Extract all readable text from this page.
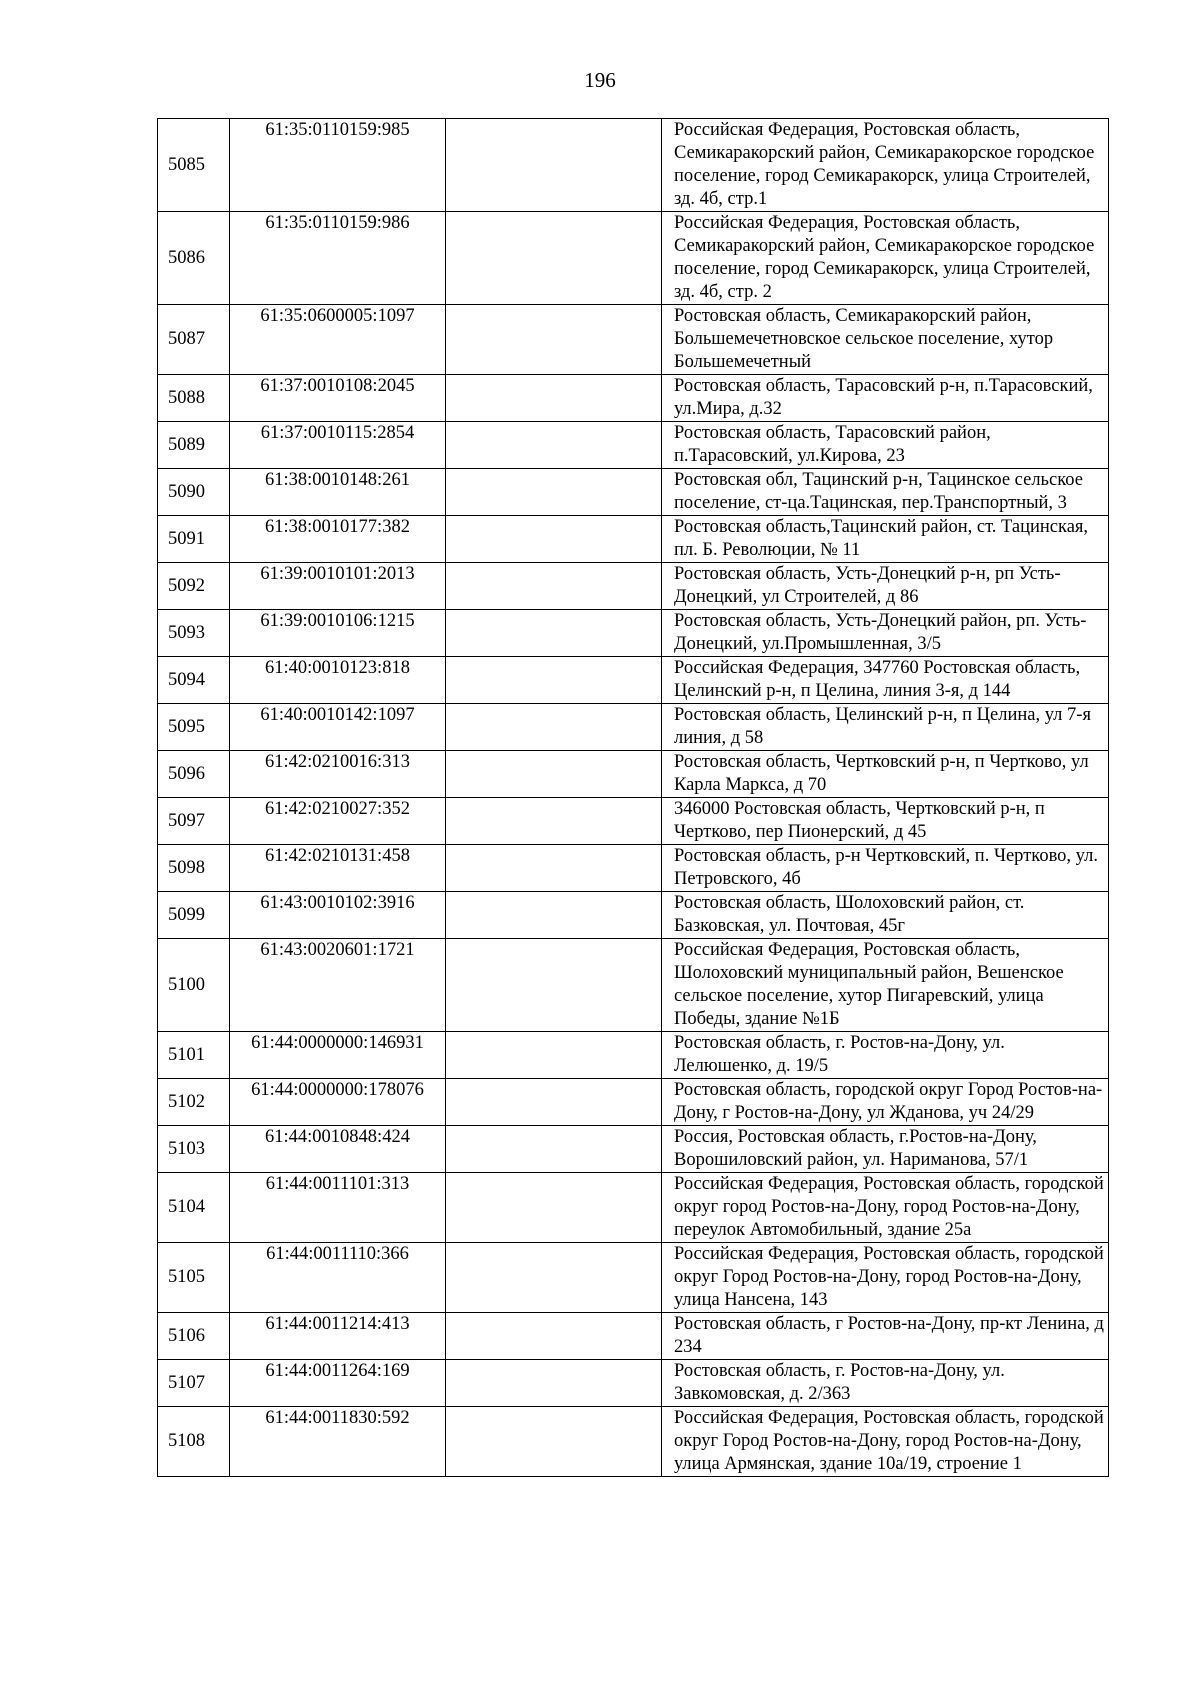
196
5085	61:35:0110159:985		Российская Федерация, Ростовская область, Семикаракорский район, Семикаракорское городское поселение, город Семикаракорск, улица Строителей, зд. 4б, стр.1
5086	61:35:0110159:986		Российская Федерация, Ростовская область, Семикаракорский район, Семикаракорское городское поселение, город Семикаракорск, улица Строителей, зд. 4б, стр. 2
5087	61:35:0600005:1097		Ростовская область, Семикаракорский район, Большемечетновское сельское поселение, хутор Большемечетный
5088	61:37:0010108:2045		Ростовская область, Тарасовский р-н, п.Тарасовский, ул.Мира, д.32
5089	61:37:0010115:2854		Ростовская область, Тарасовский район, п.Тарасовский, ул.Кирова, 23
5090	61:38:0010148:261		Ростовская обл, Тацинский р-н, Тацинское сельское поселение, ст-ца.Тацинская, пер.Транспортный, 3
5091	61:38:0010177:382		Ростовская область,Тацинский район, ст. Тацинская, пл. Б. Революции, № 11
5092	61:39:0010101:2013		Ростовская область, Усть-Донецкий р-н, рп Усть-Донецкий, ул Строителей, д 86
5093	61:39:0010106:1215		Ростовская область, Усть-Донецкий район, рп. Усть-Донецкий, ул.Промышленная, 3/5
5094	61:40:0010123:818		Российская Федерация, 347760 Ростовская область, Целинский р-н, п Целина, линия 3-я, д 144
5095	61:40:0010142:1097		Ростовская область, Целинский р-н, п Целина, ул 7-я линия, д 58
5096	61:42:0210016:313		Ростовская область, Чертковский р-н, п Чертково, ул Карла Маркса, д 70
5097	61:42:0210027:352		346000 Ростовская область, Чертковский р-н, п Чертково, пер Пионерский, д 45
5098	61:42:0210131:458		Ростовская область, р-н Чертковский, п. Чертково, ул. Петровского, 4б
5099	61:43:0010102:3916		Ростовская область, Шолоховский район, ст. Базковская, ул. Почтовая, 45г
5100	61:43:0020601:1721		Российская Федерация, Ростовская область, Шолоховский муниципальный район, Вешенское сельское поселение, хутор Пигаревский, улица Победы, здание №1Б
5101	61:44:0000000:146931		Ростовская область, г. Ростов-на-Дону, ул. Лелюшенко, д. 19/5
5102	61:44:0000000:178076		Ростовская область, городской округ Город Ростов-на-Дону, г Ростов-на-Дону, ул Жданова, уч 24/29
5103	61:44:0010848:424		Россия, Ростовская область, г.Ростов-на-Дону, Ворошиловский район, ул. Нариманова, 57/1
5104	61:44:0011101:313		Российская Федерация, Ростовская область, городской округ город Ростов-на-Дону, город Ростов-на-Дону, переулок Автомобильный, здание 25а
5105	61:44:0011110:366		Российская Федерация, Ростовская область, городской округ Город Ростов-на-Дону, город Ростов-на-Дону, улица Нансена, 143
5106	61:44:0011214:413		Ростовская область, г Ростов-на-Дону, пр-кт Ленина, д 234
5107	61:44:0011264:169		Ростовская область, г. Ростов-на-Дону, ул. Завкомовская, д. 2/363
5108	61:44:0011830:592		Российская Федерация, Ростовская область, городской округ Город Ростов-на-Дону, город Ростов-на-Дону, улица Армянская, здание 10а/19, строение 1
